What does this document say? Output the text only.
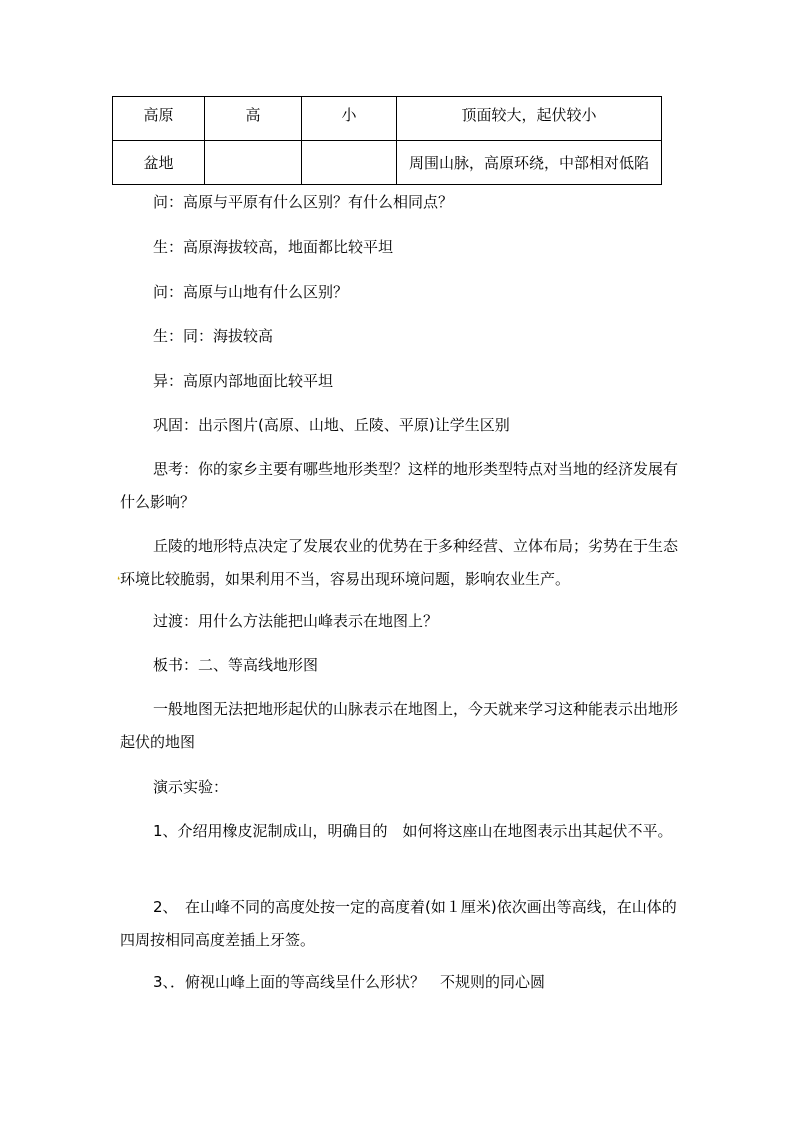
高原	高	小	顶面较大，起伏较小
盆地			周围山脉，高原环绕，中部相对低陷
问：高原与平原有什么区别？有什么相同点？
生：高原海拔较高，地面都比较平坦
问：高原与山地有什么区别？
生：同：海拔较高
异：高原内部地面比较平坦
巩固：出示图片(高原、山地、丘陵、平原)让学生区别
思考：你的家乡主要有哪些地形类型？这样的地形类型特点对当地的经济发展有什么影响？
丘陵的地形特点决定了发展农业的优势在于多种经营、立体布局；劣势在于生态环境比较脆弱，如果利用不当，容易出现环境问题，影响农业生产。
❛
过渡：用什么方法能把山峰表示在地图上？
板书：二、等高线地形图
一般地图无法把地形起伏的山脉表示在地图上，今天就来学习这种能表示出地形起伏的地图
演示实验：
1、介绍用橡皮泥制成山，明确目的　如何将这座山在地图表示出其起伏不平。
2、　在山峰不同的高度处按一定的高度着(如１厘米)依次画出等高线，在山体的四周按相同高度差插上牙签。
3、．俯视山峰上面的等高线呈什么形状？　不规则的同心圆
